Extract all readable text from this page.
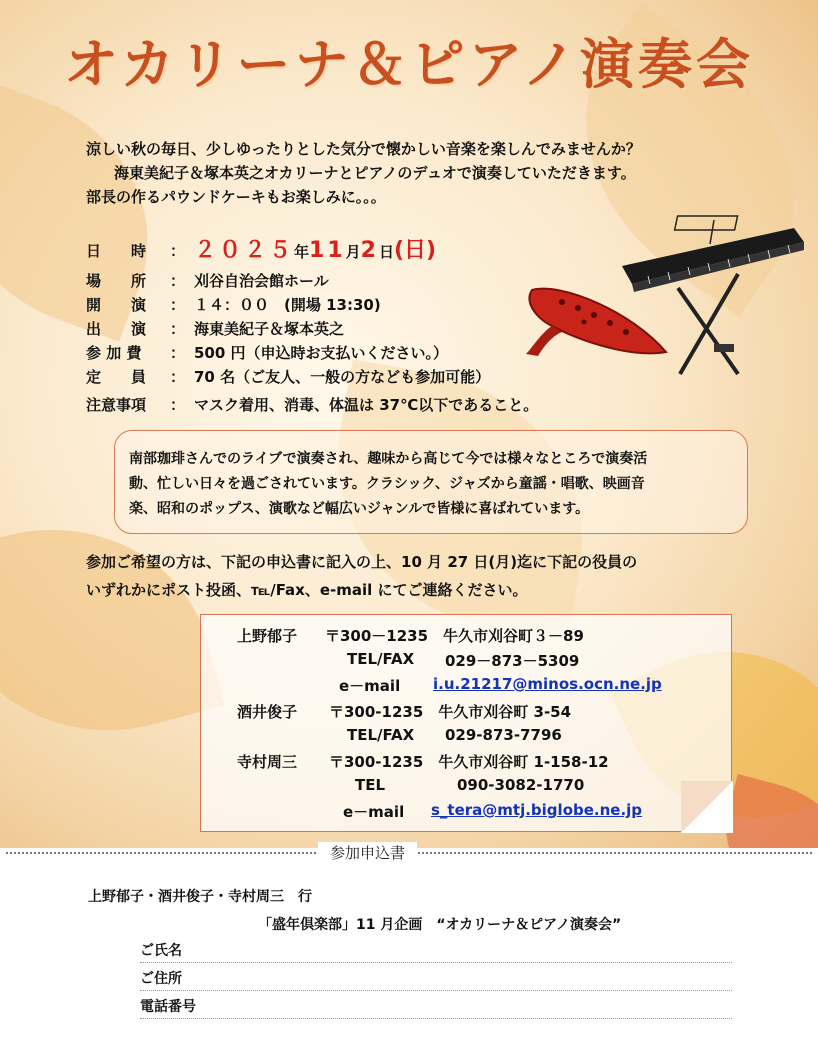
オカリーナ＆ピアノ演奏会
涼しい秋の毎日、少しゆったりとした気分で懐かしい音楽を楽しんでみませんか？
海東美紀子＆塚本英之オカリーナとピアノのデュオで演奏していただきます。
部長の作るパウンドケーキもお楽しみに。。。
日　　時	： ２０２５年11月2日(日)
場　　所	： 刈谷自治会館ホール
開　　演	： １４：００　 (開場 13:30)
出　　演	： 海東美紀子＆塚本英之
参 加 費	： 500 円（申込時お支払いください。）
定　　員	： 70 名（ご友人、一般の方なども参加可能）
注意事項	： マスク着用、消毒、体温は 37℃以下であること。
南部珈琲さんでのライブで演奏され、趣味から高じて今では様々なところで演奏活
動、忙しい日々を過ごされています。クラシック、ジャズから童謡・唱歌、映画音
楽、昭和のポップス、演歌など幅広いジャンルで皆様に喜ばれています。
参加ご希望の方は、下記の申込書に記入の上、10 月 27 日(月)迄に下記の役員の
いずれかにポスト投函、℡/Fax、e-mail にてご連絡ください。
上野郁子 〒300－1235　牛久市刈谷町３－89
TEL/FAX 029－873－5309
e－mail i.u.21217@minos.ocn.ne.jp
酒井俊子 〒300-1235　牛久市刈谷町 3-54
TEL/FAX 029-873-7796
寺村周三 〒300-1235　牛久市刈谷町 1-158-12
TEL	090-3082-1770
e－mail s_tera@mtj.biglobe.ne.jp
参加申込書
上野郁子・酒井俊子・寺村周三　行
「盛年倶楽部」11 月企画　“オカリーナ＆ピアノ演奏会”
ご氏名
ご住所
電話番号
